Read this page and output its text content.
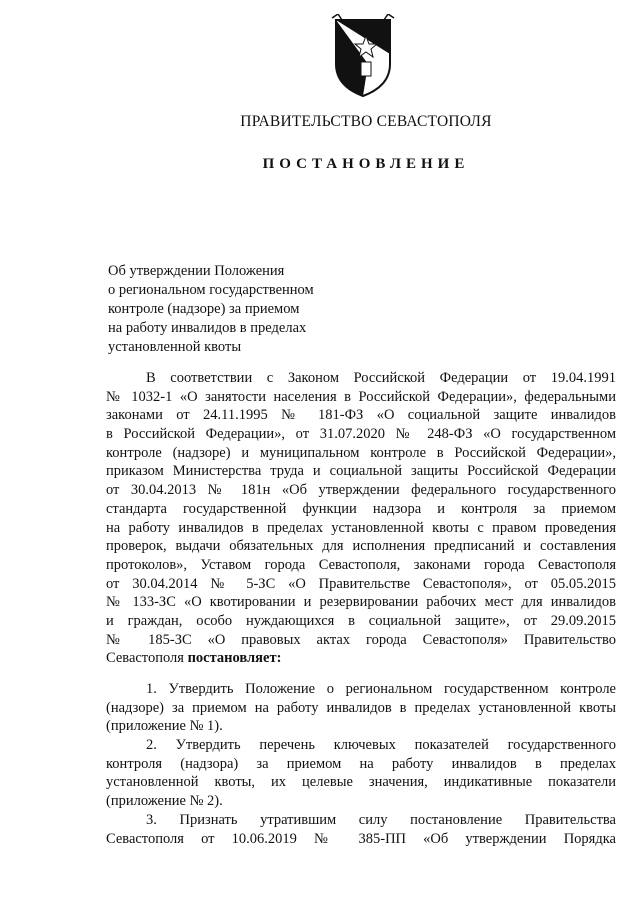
ПРАВИТЕЛЬСТВО СЕВАСТОПОЛЯ
ПОСТАНОВЛЕНИЕ
Об утверждении Положения
о региональном государственном
контроле (надзоре) за приемом
на работу инвалидов в пределах
установленной квоты
В соответствии с Законом Российской Федерации от 19.04.1991
№ 1032-1 «О занятости населения в Российской Федерации», федеральными
законами от 24.11.1995 № 181-ФЗ «О социальной защите инвалидов
в Российской Федерации», от 31.07.2020 № 248-ФЗ «О государственном
контроле (надзоре) и муниципальном контроле в Российской Федерации»,
приказом Министерства труда и социальной защиты Российской Федерации
от 30.04.2013 № 181н «Об утверждении федерального государственного
стандарта государственной функции надзора и контроля за приемом
на работу инвалидов в пределах установленной квоты с правом проведения
проверок, выдачи обязательных для исполнения предписаний и составления
протоколов», Уставом города Севастополя, законами города Севастополя
от 30.04.2014 № 5-ЗС «О Правительстве Севастополя», от 05.05.2015
№ 133-ЗС «О квотировании и резервировании рабочих мест для инвалидов
и граждан, особо нуждающихся в социальной защите», от 29.09.2015
№ 185-ЗС «О правовых актах города Севастополя» Правительство
Севастополя постановляет:
1. Утвердить Положение о региональном государственном контроле
(надзоре) за приемом на работу инвалидов в пределах установленной квоты
(приложение № 1).
2. Утвердить перечень ключевых показателей государственного
контроля (надзора) за приемом на работу инвалидов в пределах
установленной квоты, их целевые значения, индикативные показатели
(приложение № 2).
3. Признать утратившим силу постановление Правительства
Севастополя от 10.06.2019 № 385-ПП «Об утверждении Порядка
